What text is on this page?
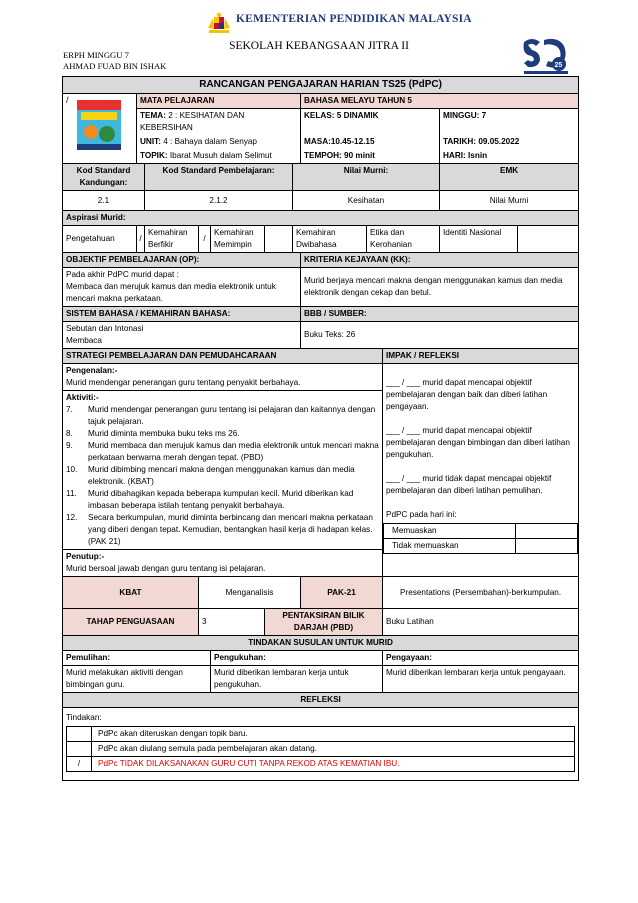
KEMENTERIAN PENDIDIKAN MALAYSIA
SEKOLAH KEBANGSAAN JITRA II
ERPH MINGGU 7
AHMAD FUAD BIN ISHAK	25
RANCANGAN PENGAJARAN HARIAN TS25 (PdPC)

/	MATA PELAJARAN	BAHASA MELAYU TAHUN 5
TEMA: 2 : KESIHATAN DAN KEBERSIHAN	KELAS: 5 DINAMIK	MINGGU: 7
UNIT: 4 : Bahaya dalam Senyap	MASA:10.45-12.15	TARIKH: 09.05.2022
TOPIK: Ibarat Musuh dalam Selimut	TEMPOH: 90 minit	HARI: Isnin
Kod Standard Kandungan:	Kod Standard Pembelajaran:	Nilai Murni:	EMK
2.1	2.1.2	Kesihatan	Nilai Murni
Aspirasi Murid:
Pengetahuan	/	Kemahiran Berfikir	/	Kemahiran Memimpin		Kemahiran Dwibahasa	Etika dan Kerohanian	Identiti Nasional	
OBJEKTIF PEMBELAJARAN (OP):	KRITERIA KEJAYAAN (KK):

Pada akhir PdPC murid dapat :
Membaca dan merujuk kamus dan media elektronik untuk mencari makna perkataan.
	Murid berjaya mencari makna dengan menggunakan kamus dan media elektronik dengan cekap dan betul.
SISTEM BAHASA / KEMAHIRAN BAHASA:	BBB / SUMBER:

Sebutan dan Intonasi
Membaca
	Buku Teks: 26
STRATEGI PEMBELAJARAN DAN PEMUDAHCARAAN	IMPAK / REFLEKSI

Pengenalan:-
Murid mendengar penerangan guru tentang penyakit berbahaya.
Aktiviti:-
7.	Murid mendengar penerangan guru tentang isi pelajaran dan kaitannya dengan tajuk pelajaran.
8.	Murid diminta membuka buku teks ms 26.
9.	Murid membaca dan merujuk kamus dan media elektronik untuk mencari makna perkataan berwarna merah dengan tepat. (PBD)
10.	Murid dibimbing mencari makna dengan menggunakan kamus dan media elektronik. (KBAT)
11.	Murid dibahagikan kepada beberapa kumpulan kecil. Murid diberikan kad imbasan beberapa istilah tentang penyakit berbahaya.
12.	Secara berkumpulan, murid diminta berbincang dan mencari makna perkataan yang diberi dengan tepat. Kemudian, bentangkan hasil kerja di hadapan kelas. (PAK 21)
Penutup:-
Murid bersoal jawab dengan guru tentang isi pelajaran.

___ / ___ murid dapat mencapai objektif pembelajaran dengan baik dan diberi latihan pengayaan.
___ / ___ murid dapat mencapai objektif pembelajaran dengan bimbingan dan diberi latihan pengukuhan.
___ / ___ murid tidak dapat mencapai objektif pembelajaran dan diberi latihan pemulihan.
PdPC pada hari ini:
Memuaskan	
Tidak memuaskan	

KBAT	Menganalisis	PAK-21	Presentations (Persembahan)-berkumpulan.
TAHAP PENGUASAAN	3	PENTAKSIRAN BILIK DARJAH (PBD)	Buku Latihan
TINDAKAN SUSULAN UNTUK MURID
Pemulihan:	Pengukuhan:	Pengayaan:
Murid melakukan aktiviti dengan bimbingan guru.	Murid diberikan lembaran kerja untuk pengukuhan.	Murid diberikan lembaran kerja untuk pengayaan.
REFLEKSI

Tindakan:
	PdPc akan diteruskan dengan topik baru.
	PdPc akan diulang semula pada pembelajaran akan datang.
/	PdPc TIDAK DILAKSANAKAN GURU CUTI TANPA REKOD ATAS KEMATIAN IBU.
